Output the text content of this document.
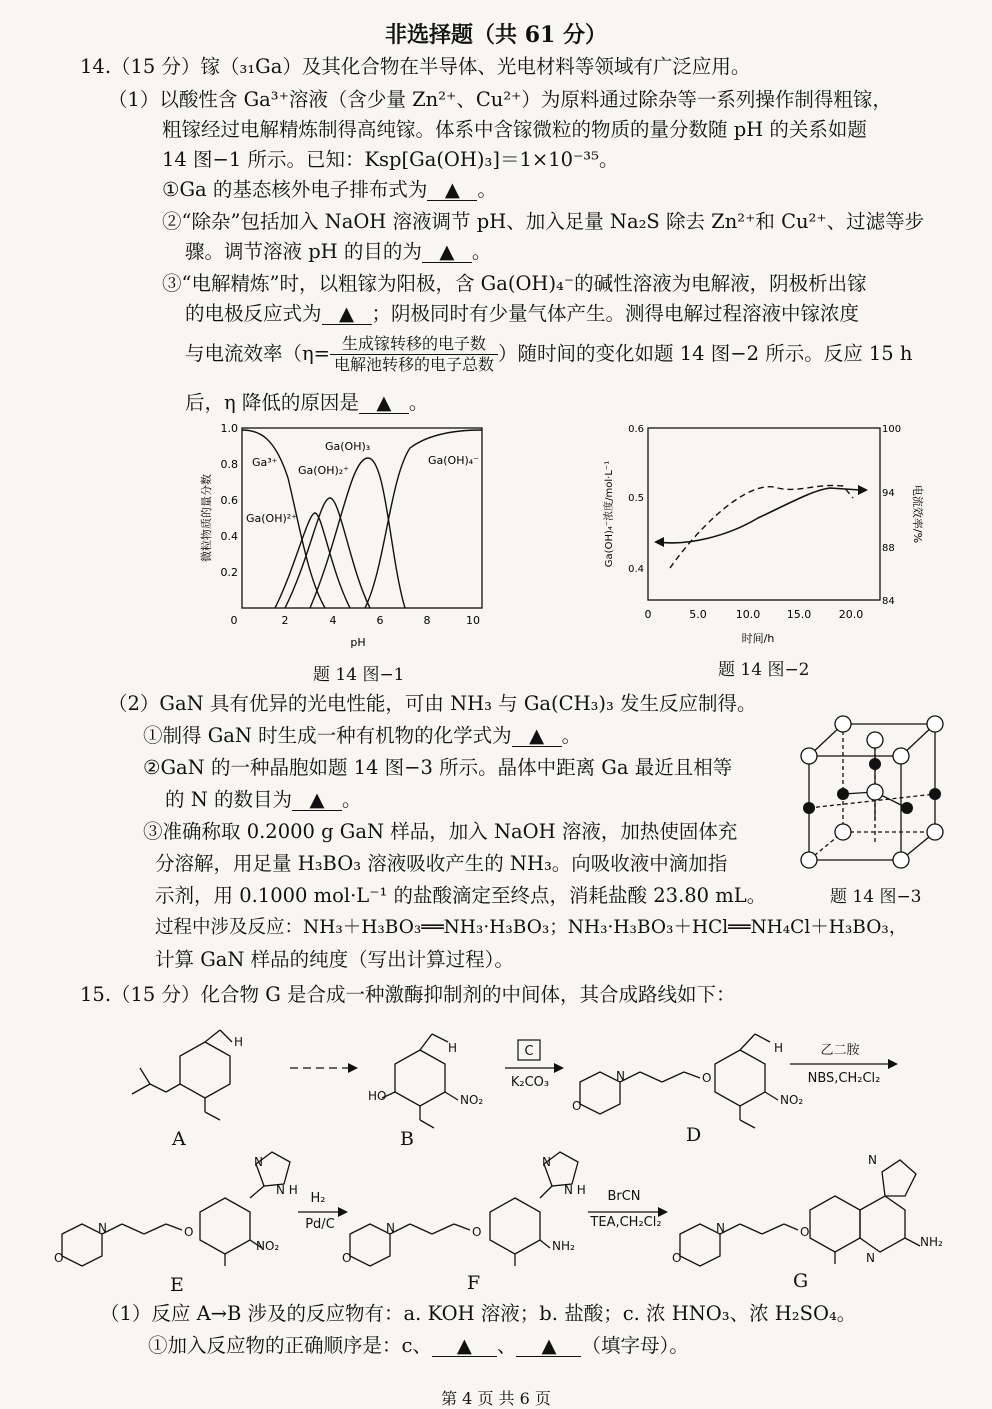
非选择题（共 61 分）
14.（15 分）镓（₃₁Ga）及其化合物在半导体、光电材料等领域有广泛应用。
（1）以酸性含 Ga³⁺溶液（含少量 Zn²⁺、Cu²⁺）为原料通过除杂等一系列操作制得粗镓，
粗镓经过电解精炼制得高纯镓。体系中含镓微粒的物质的量分数随 pH 的关系如题
14 图−1 所示。已知：Ksp[Ga(OH)₃]＝1×10⁻³⁵。
①Ga 的基态核外电子排布式为 ▲ 。
②“除杂”包括加入 NaOH 溶液调节 pH、加入足量 Na₂S 除去 Zn²⁺和 Cu²⁺、过滤等步
骤。调节溶液 pH 的目的为 ▲ 。
③“电解精炼”时，以粗镓为阳极，含 Ga(OH)₄⁻的碱性溶液为电解液，阴极析出镓
的电极反应式为 ▲ ；阴极同时有少量气体产生。测得电解过程溶液中镓浓度
与电流效率（$\eta= \frac{\text{生成镓转移的电子数}}{\text{电解池转移的电子总数}}$ ）随时间的变化如题 14 图−2 所示。反应 15 h
后，η 降低的原因是 ▲ 。
微粒物质的量分数
1.0
0.8
0.6
0.4
0.2
0	2	4	6	8	10
pH
Ga³⁺
Ga(OH)²⁺
Ga(OH)₂⁺
Ga(OH)₃
Ga(OH)₄⁻
题 14 图−1
Ga(OH)₄⁻浓度/mol·L⁻¹	电流效率/%
0.6
0.5
0.4
100
94
88
84
0	5.0	10.0 15.0	20.0
时间/h
题 14 图−2
（2）GaN 具有优异的光电性能，可由 NH₃ 与 Ga(CH₃)₃ 发生反应制得。
①制得 GaN 时生成一种有机物的化学式为 ▲ 。
②GaN 的一种晶胞如题 14 图−3 所示。晶体中距离 Ga 最近且相等
的 N 的数目为 ▲ 。
③准确称取 0.2000 g GaN 样品，加入 NaOH 溶液，加热使固体充
分溶解，用足量 H₃BO₃ 溶液吸收产生的 NH₃。向吸收液中滴加指
示剂，用 0.1000 mol·L⁻¹ 的盐酸滴定至终点，消耗盐酸 23.80 mL。
过程中涉及反应：NH₃＋H₃BO₃══NH₃·H₃BO₃；NH₃·H₃BO₃＋HCl══NH₄Cl＋H₃BO₃，
计算 GaN 样品的纯度（写出计算过程）。
题 14 图−3
15.（15 分）化合物 G 是合成一种激酶抑制剂的中间体，其合成路线如下：
H	H
HO	NO₂
H
NO₂
N
O
O
C
K₂CO₃
乙二胺
NBS,CH₂Cl₂
A	B	D
N
O
O
N
N H
NO₂
N
O
O
N
N H
NH₂
N
O
O
N
N
NH₂
H₂
Pd/C
BrCN
TEA,CH₂Cl₂
E	F	G
（1）反应 A→B 涉及的反应物有：a. KOH 溶液；b. 盐酸；c. 浓 HNO₃、浓 H₂SO₄。
①加入反应物的正确顺序是：c、 ▲ 、 ▲ （填字母）。
第 4 页 共 6 页
